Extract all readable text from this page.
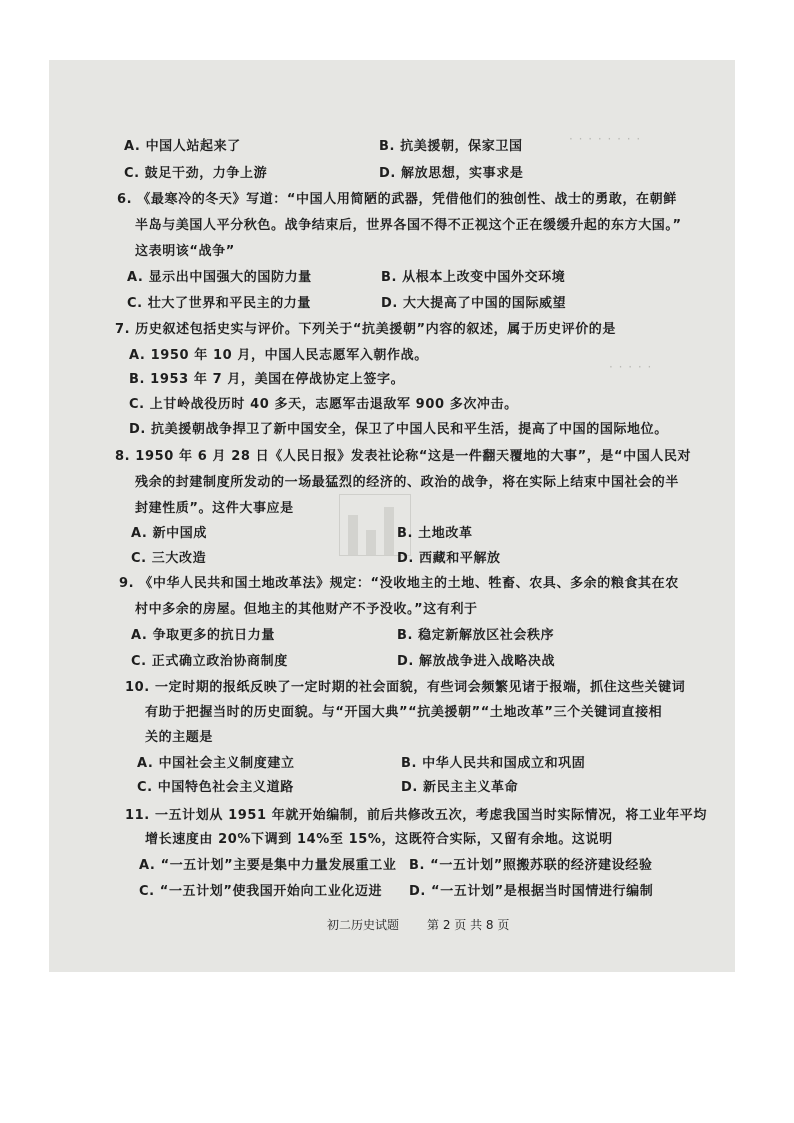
· · · · · · · ·
· · · · ·
A. 中国人站起来了	B. 抗美援朝，保家卫国
C. 鼓足干劲，力争上游	D. 解放思想，实事求是
6. 《最寒冷的冬天》写道：“中国人用简陋的武器，凭借他们的独创性、战士的勇敢，在朝鲜
半岛与美国人平分秋色。战争结束后，世界各国不得不正视这个正在缓缓升起的东方大国。”
这表明该“战争”
A. 显示出中国强大的国防力量	B. 从根本上改变中国外交环境
C. 壮大了世界和平民主的力量	D. 大大提高了中国的国际威望
7. 历史叙述包括史实与评价。下列关于“抗美援朝”内容的叙述，属于历史评价的是
A. 1950 年 10 月，中国人民志愿军入朝作战。
B. 1953 年 7 月，美国在停战协定上签字。
C. 上甘岭战役历时 40 多天，志愿军击退敌军 900 多次冲击。
D. 抗美援朝战争捍卫了新中国安全，保卫了中国人民和平生活，提高了中国的国际地位。
8. 1950 年 6 月 28 日《人民日报》发表社论称“这是一件翻天覆地的大事”，是“中国人民对
残余的封建制度所发动的一场最猛烈的经济的、政治的战争，将在实际上结束中国社会的半
封建性质”。这件大事应是
A. 新中国成	B. 土地改革
C. 三大改造	D. 西藏和平解放
9. 《中华人民共和国土地改革法》规定：“没收地主的土地、牲畜、农具、多余的粮食其在农
村中多余的房屋。但地主的其他财产不予没收。”这有利于
A. 争取更多的抗日力量	B. 稳定新解放区社会秩序
C. 正式确立政治协商制度	D. 解放战争进入战略决战
10. 一定时期的报纸反映了一定时期的社会面貌，有些词会频繁见诸于报端，抓住这些关键词
有助于把握当时的历史面貌。与“开国大典”“抗美援朝”“土地改革”三个关键词直接相
关的主题是
A. 中国社会主义制度建立	B. 中华人民共和国成立和巩固
C. 中国特色社会主义道路	D. 新民主主义革命
11. 一五计划从 1951 年就开始编制，前后共修改五次，考虑我国当时实际情况，将工业年平均
增长速度由 20%下调到 14%至 15%，这既符合实际，又留有余地。这说明
A. “一五计划”主要是集中力量发展重工业 B. “一五计划”照搬苏联的经济建设经验
C. “一五计划”使我国开始向工业化迈进 D. “一五计划”是根据当时国情进行编制
初二历史试题 第 2 页 共 8 页
